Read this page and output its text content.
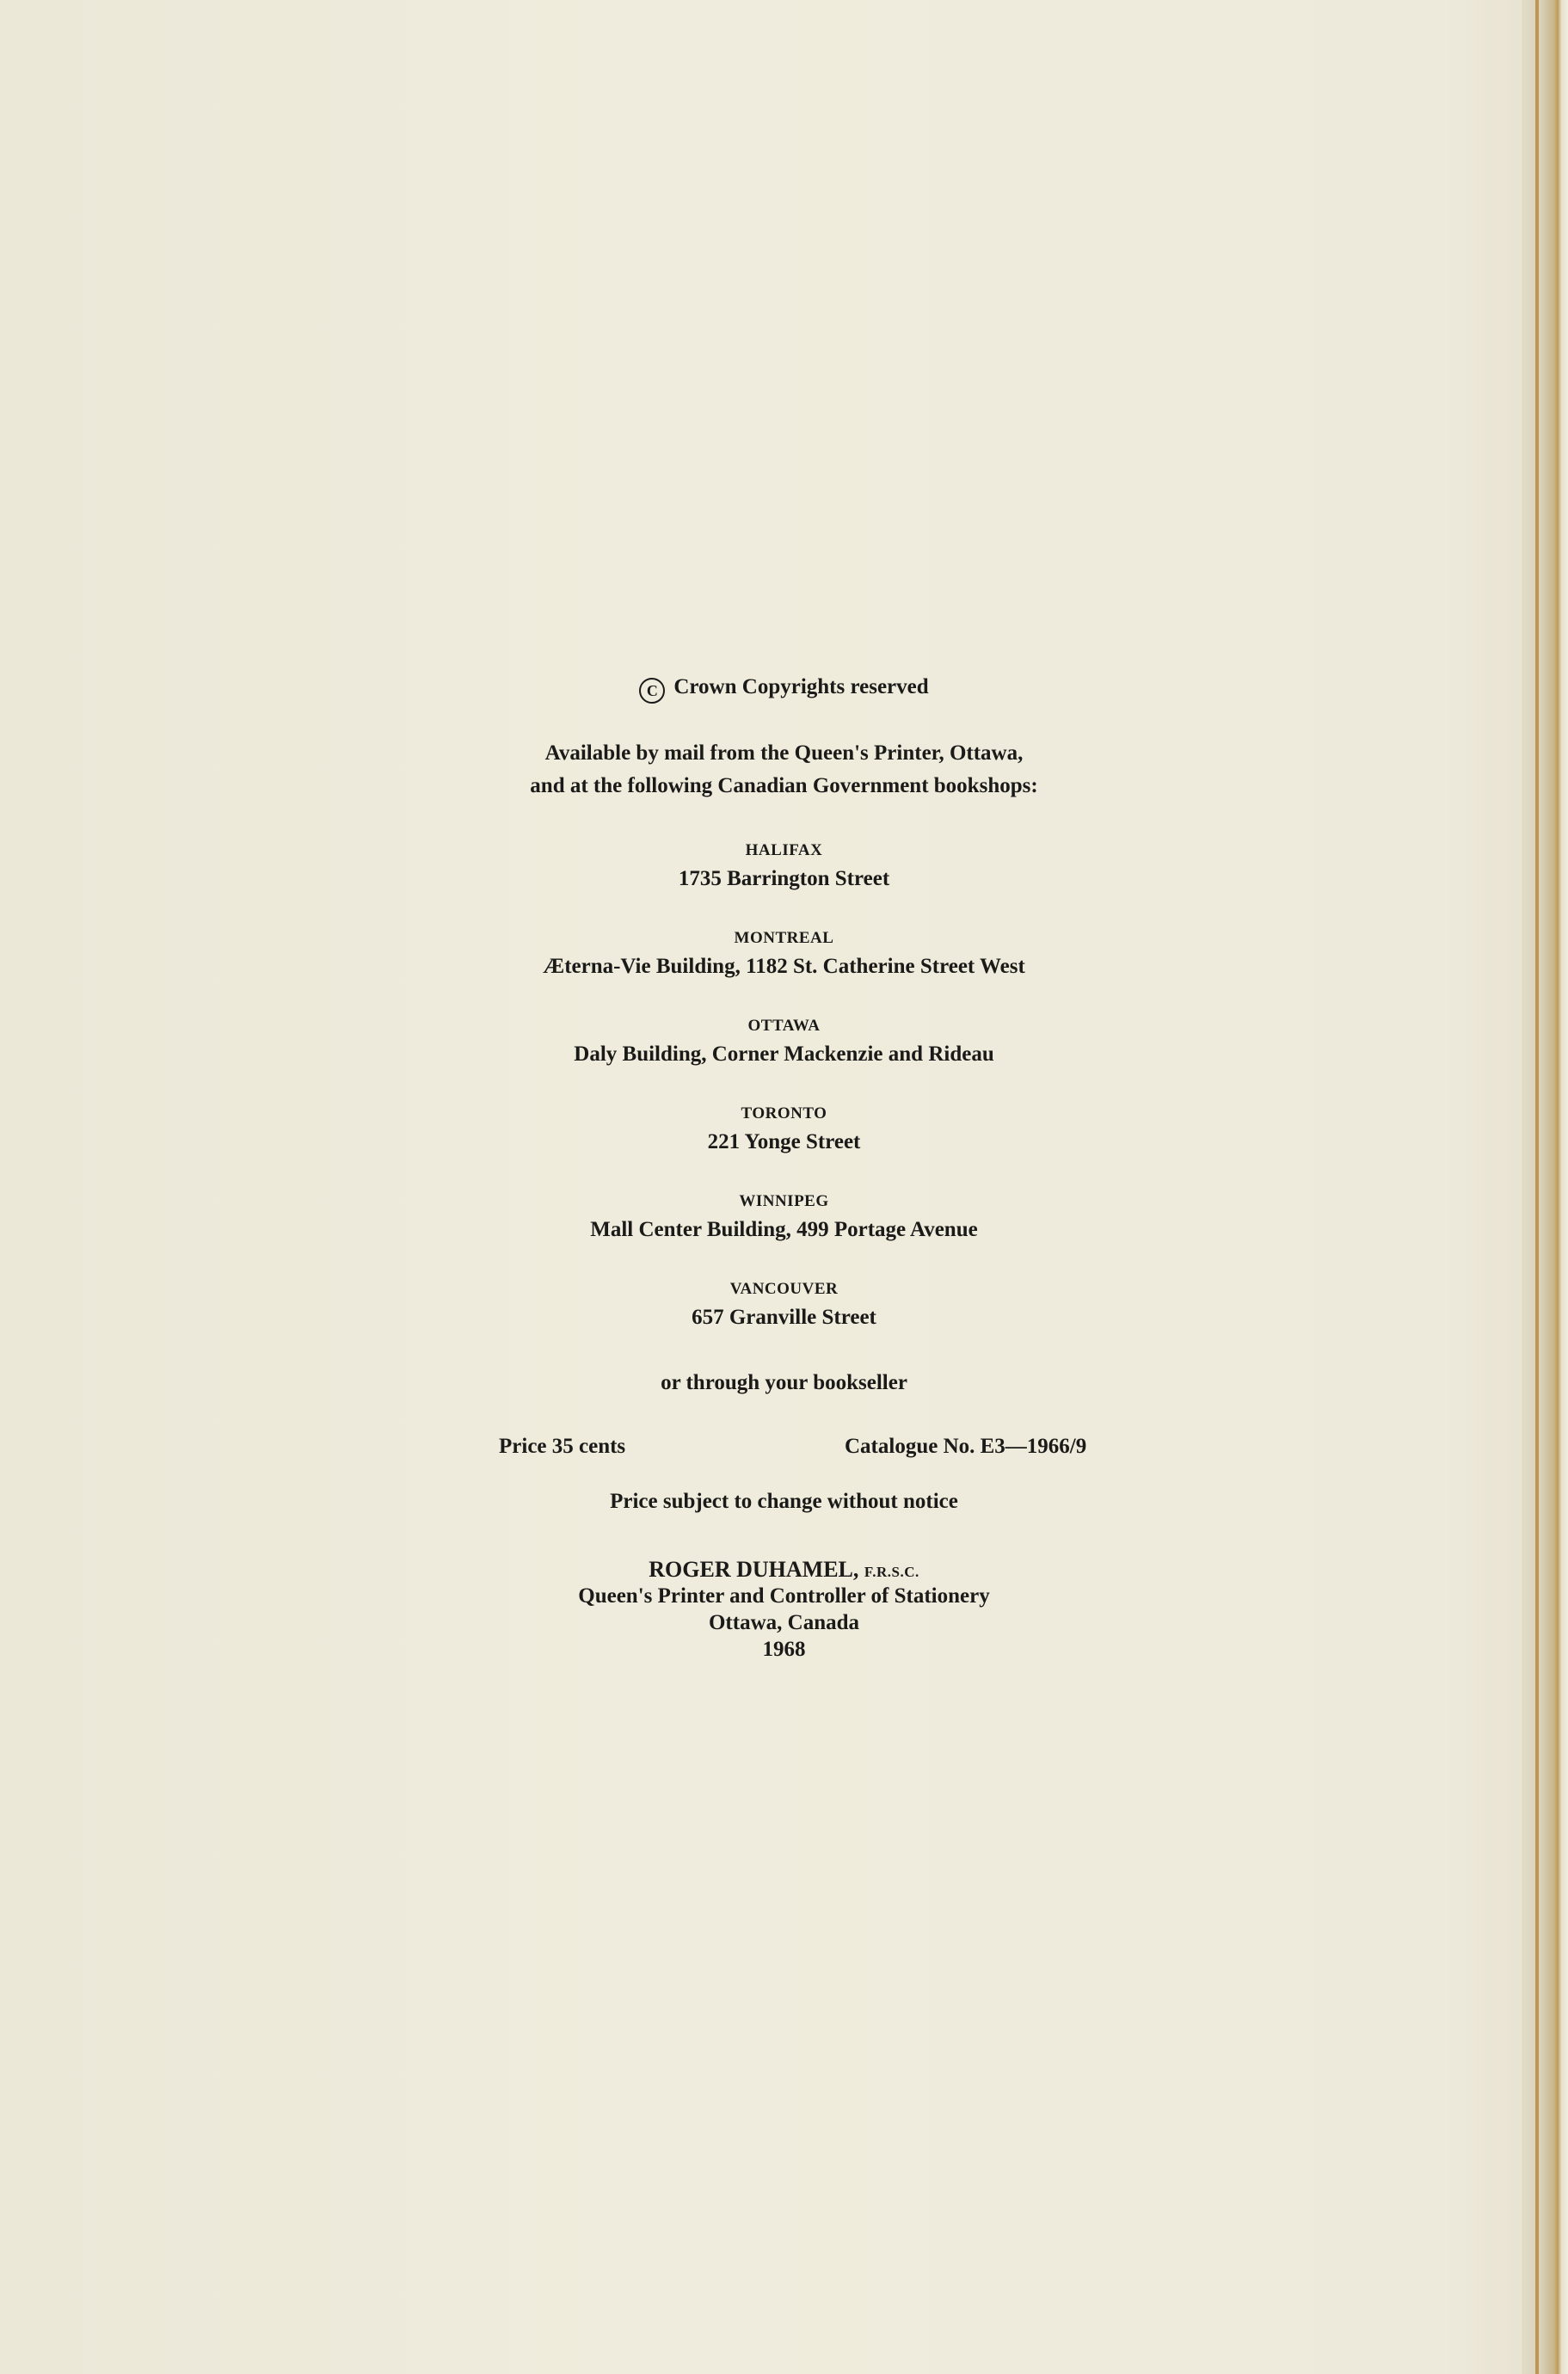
C Crown Copyrights reserved
Available by mail from the Queen's Printer, Ottawa,
and at the following Canadian Government bookshops:
HALIFAX
1735 Barrington Street
MONTREAL
Æterna-Vie Building, 1182 St. Catherine Street West
OTTAWA
Daly Building, Corner Mackenzie and Rideau
TORONTO
221 Yonge Street
WINNIPEG
Mall Center Building, 499 Portage Avenue
VANCOUVER
657 Granville Street
or through your bookseller
Price 35 cents	Catalogue No. E3—1966/9
Price subject to change without notice
ROGER DUHAMEL, F.R.S.C.
Queen's Printer and Controller of Stationery
Ottawa, Canada
1968
